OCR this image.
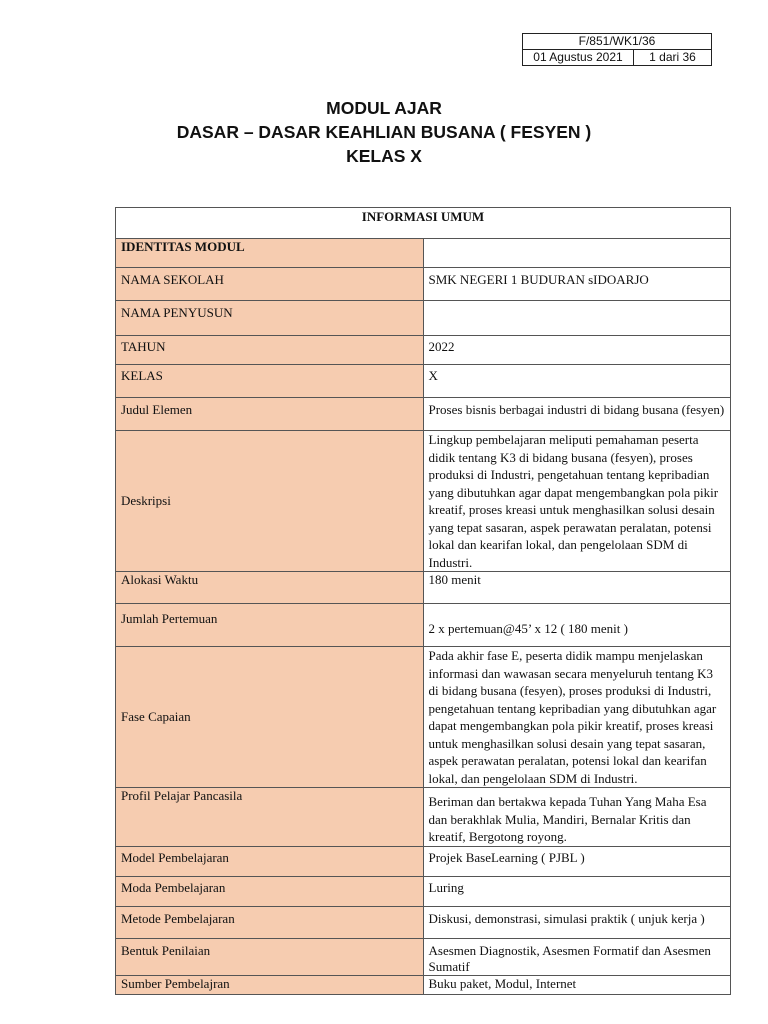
F/851/WK1/36
01 Agustus 2021	1 dari 36
MODUL AJAR
DASAR – DASAR KEAHLIAN BUSANA ( FESYEN )
KELAS X
INFORMASI UMUM	
IDENTITAS MODUL	
NAMA SEKOLAH	SMK NEGERI 1 BUDURAN sIDOARJO
NAMA PENYUSUN	
TAHUN	2022
KELAS	X
Judul Elemen	Proses bisnis berbagai industri di bidang busana (fesyen)
Deskripsi	Lingkup pembelajaran meliputi pemahaman peserta didik tentang K3 di bidang busana (fesyen), proses produksi di Industri, pengetahuan tentang kepribadian yang dibutuhkan agar dapat mengembangkan pola pikir kreatif, proses kreasi untuk menghasilkan solusi desain yang tepat sasaran, aspek perawatan peralatan, potensi lokal dan kearifan lokal, dan pengelolaan SDM di Industri.
Alokasi Waktu	180 menit
Jumlah Pertemuan	2 x pertemuan@45’ x 12 ( 180 menit )
Fase Capaian	Pada akhir fase E, peserta didik mampu menjelaskan informasi dan wawasan secara menyeluruh tentang K3 di bidang busana (fesyen), proses produksi di Industri, pengetahuan tentang kepribadian yang dibutuhkan agar dapat mengembangkan pola pikir kreatif, proses kreasi untuk menghasilkan solusi desain yang tepat sasaran, aspek perawatan peralatan, potensi lokal dan kearifan lokal, dan pengelolaan SDM di Industri.
Profil Pelajar Pancasila	Beriman dan bertakwa kepada Tuhan Yang Maha Esa dan berakhlak Mulia, Mandiri, Bernalar Kritis dan kreatif, Bergotong royong.
Model Pembelajaran	Projek BaseLearning ( PJBL )
Moda Pembelajaran	Luring
Metode Pembelajaran	Diskusi, demonstrasi, simulasi praktik ( unjuk kerja )
Bentuk Penilaian	Asesmen Diagnostik, Asesmen Formatif dan Asesmen Sumatif
Sumber Pembelajran	Buku paket, Modul, Internet
